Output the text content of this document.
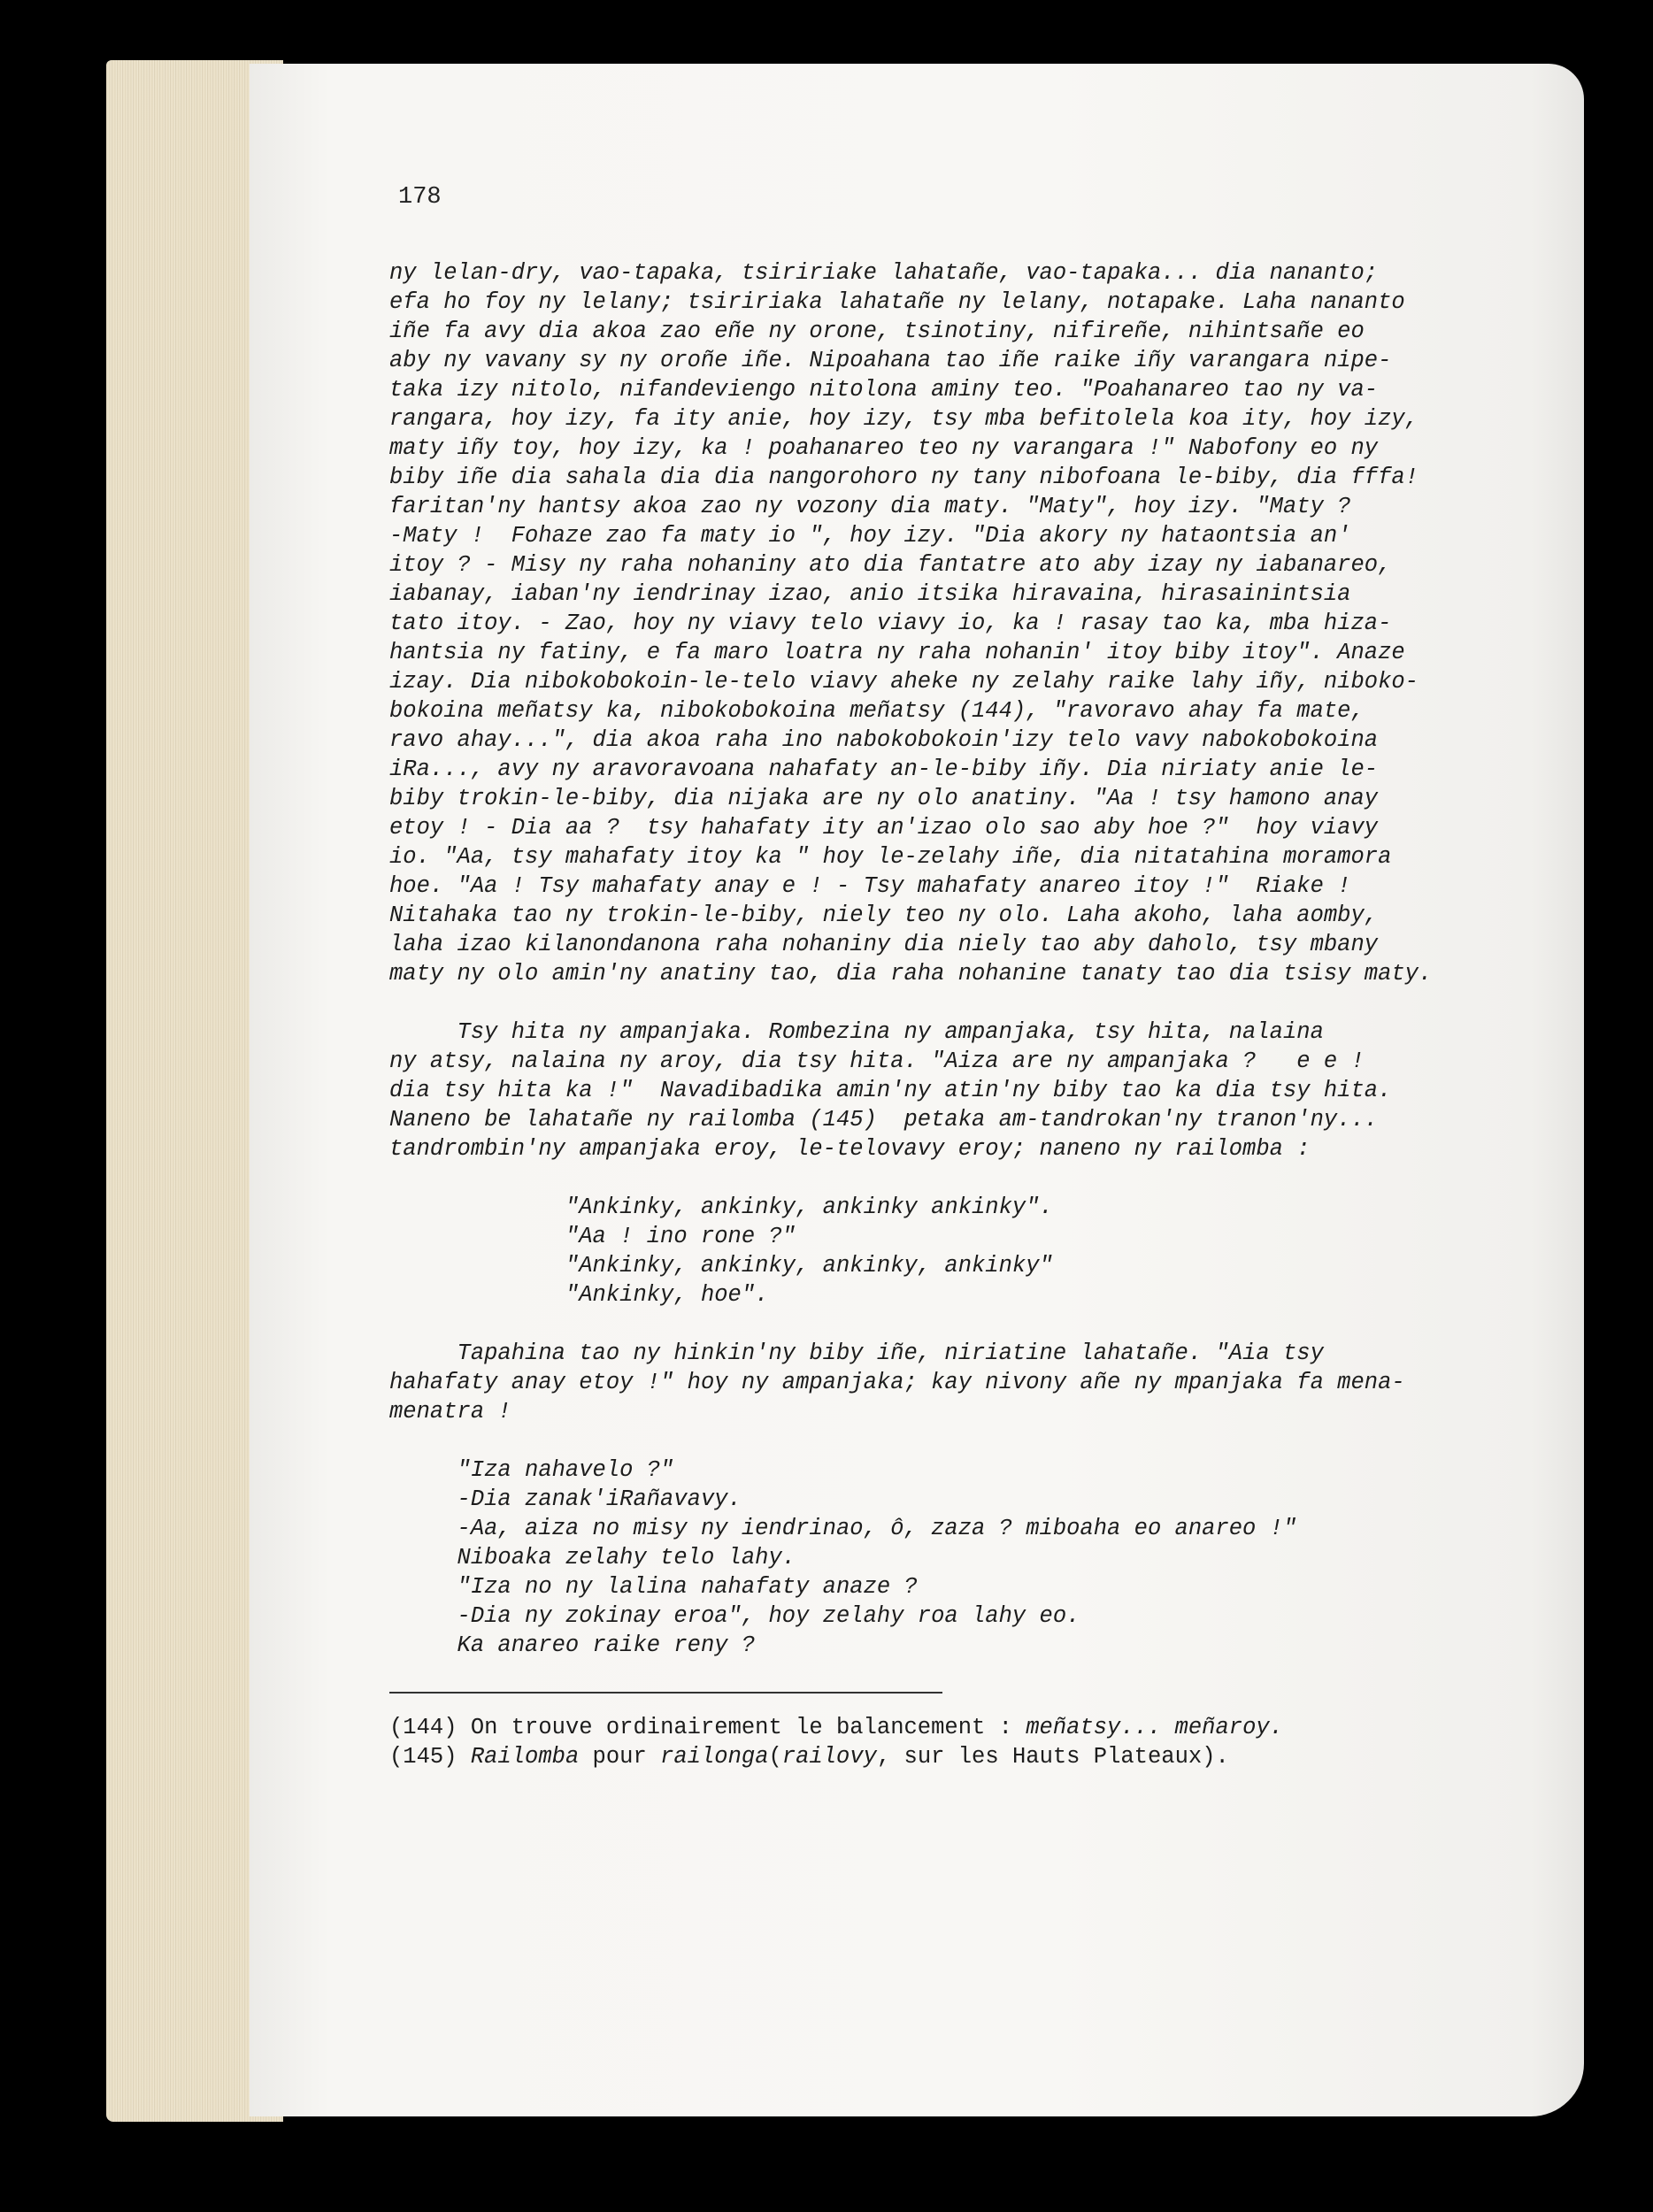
178
ny lelan-dry, vao-tapaka, tsiririake lahatañe, vao-tapaka... dia nananto;
efa ho foy ny lelany; tsiririaka lahatañe ny lelany, notapake. Laha nananto
iñe fa avy dia akoa zao eñe ny orone, tsinotiny, nifireñe, nihintsañe eo
aby ny vavany sy ny oroñe iñe. Nipoahana tao iñe raike iñy varangara nipe-
taka izy nitolo, nifandeviengo nitolona aminy teo. "Poahanareo tao ny va-
rangara, hoy izy, fa ity anie, hoy izy, tsy mba befitolela koa ity, hoy izy,
maty iñy toy, hoy izy, ka ! poahanareo teo ny varangara !" Nabofony eo ny
biby iñe dia sahala dia dia nangorohoro ny tany nibofoana le-biby, dia fffa!
faritan'ny hantsy akoa zao ny vozony dia maty. "Maty", hoy izy. "Maty ?
-Maty !  Fohaze zao fa maty io ", hoy izy. "Dia akory ny hataontsia an'
itoy ? - Misy ny raha nohaniny ato dia fantatre ato aby izay ny iabanareo,
iabanay, iaban'ny iendrinay izao, anio itsika hiravaina, hirasainintsia
tato itoy. - Zao, hoy ny viavy telo viavy io, ka ! rasay tao ka, mba hiza-
hantsia ny fatiny, e fa maro loatra ny raha nohanin' itoy biby itoy". Anaze
izay. Dia nibokobokoin-le-telo viavy aheke ny zelahy raike lahy iñy, niboko-
bokoina meñatsy ka, nibokobokoina meñatsy (144), "ravoravo ahay fa mate,
ravo ahay...", dia akoa raha ino nabokobokoin'izy telo vavy nabokobokoina
iRa..., avy ny aravoravoana nahafaty an-le-biby iñy. Dia niriaty anie le-
biby trokin-le-biby, dia nijaka are ny olo anatiny. "Aa ! tsy hamono anay
etoy ! - Dia aa ?  tsy hahafaty ity an'izao olo sao aby hoe ?"  hoy viavy
io. "Aa, tsy mahafaty itoy ka " hoy le-zelahy iñe, dia nitatahina moramora
hoe. "Aa ! Tsy mahafaty anay e ! - Tsy mahafaty anareo itoy !"  Riake !
Nitahaka tao ny trokin-le-biby, niely teo ny olo. Laha akoho, laha aomby,
laha izao kilanondanona raha nohaniny dia niely tao aby daholo, tsy mbany
maty ny olo amin'ny anatiny tao, dia raha nohanine tanaty tao dia tsisy maty.
Tsy hita ny ampanjaka. Rombezina ny ampanjaka, tsy hita, nalaina
ny atsy, nalaina ny aroy, dia tsy hita. "Aiza are ny ampanjaka ?   e e !
dia tsy hita ka !"  Navadibadika amin'ny atin'ny biby tao ka dia tsy hita.
Naneno be lahatañe ny railomba (145)  petaka am-tandrokan'ny tranon'ny...
tandrombin'ny ampanjaka eroy, le-telovavy eroy; naneno ny railomba :
"Ankinky, ankinky, ankinky ankinky".
"Aa ! ino rone ?"
"Ankinky, ankinky, ankinky, ankinky"
"Ankinky, hoe".
Tapahina tao ny hinkin'ny biby iñe, niriatine lahatañe. "Aia tsy
hahafaty anay etoy !" hoy ny ampanjaka; kay nivony añe ny mpanjaka fa mena-
menatra !
"Iza nahavelo ?"
-Dia zanak'iRañavavy.
-Aa, aiza no misy ny iendrinao, ô, zaza ? miboaha eo anareo !"
Niboaka zelahy telo lahy.
"Iza no ny lalina nahafaty anaze ?
-Dia ny zokinay eroa", hoy zelahy roa lahy eo.
Ka anareo raike reny ?
(144) On trouve ordinairement le balancement : meñatsy... meñaroy.
(145) Railomba pour railonga(railovy, sur les Hauts Plateaux).
